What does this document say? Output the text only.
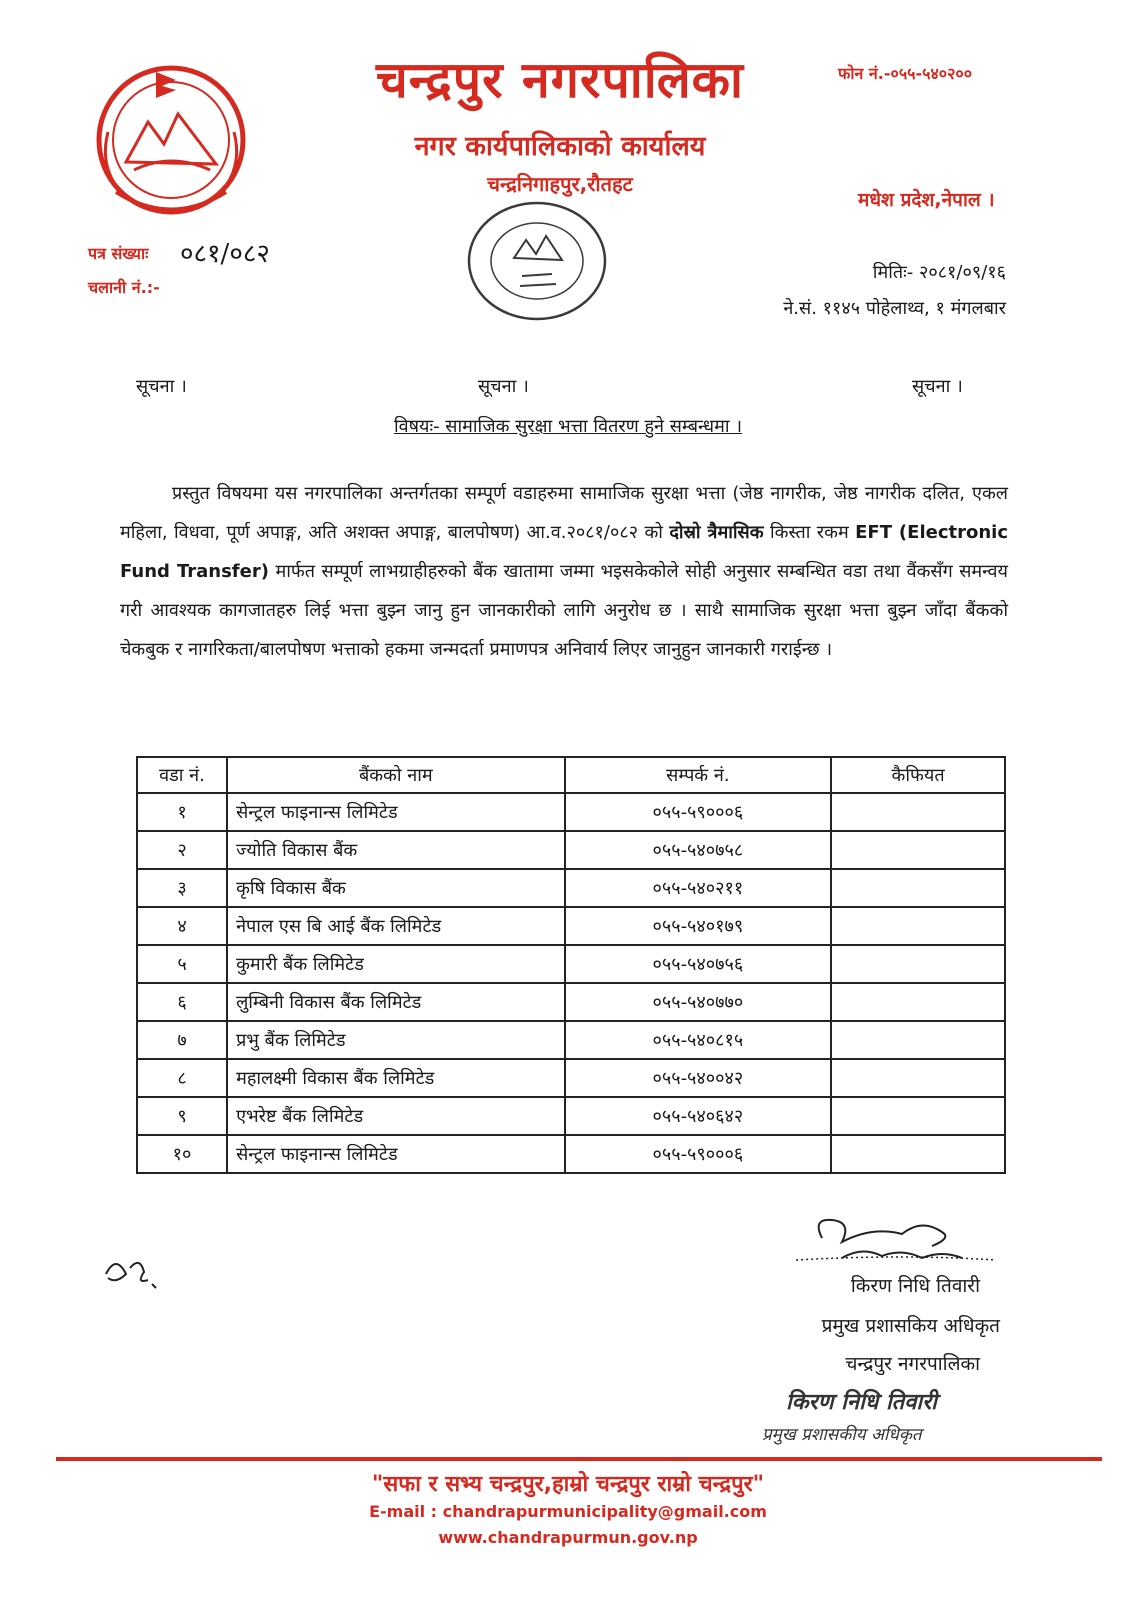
चन्द्रपुर नगरपालिका
नगर कार्यपालिकाको कार्यालय
चन्द्रनिगाहपुर,रौतहट
फोन नं.-०५५-५४०२००
मधेश प्रदेश,नेपाल ।
पत्र संख्याः ०८१/०८२
चलानी नं.:-
मितिः- २०८१/०९/१६
ने.सं. ११४५ पोहेलाथ्व, १ मंगलबार
सूचना ।	सूचना ।	सूचना ।
विषयः- सामाजिक सुरक्षा भत्ता वितरण हुने सम्बन्धमा ।
प्रस्तुत विषयमा यस नगरपालिका अन्तर्गतका सम्पूर्ण वडाहरुमा सामाजिक सुरक्षा भत्ता (जेष्ठ नागरीक, जेष्ठ नागरीक दलित, एकल महिला, विधवा, पूर्ण अपाङ्ग, अति अशक्त अपाङ्ग, बालपोषण) आ.व.२०८१/०८२ को दोस्रो त्रैमासिक किस्ता रकम EFT (Electronic Fund Transfer) मार्फत सम्पूर्ण लाभग्राहीहरुको बैंक खातामा जम्मा भइसकेकोले सोही अनुसार सम्बन्धित वडा तथा वैंकसँग समन्वय गरी आवश्यक कागजातहरु लिई भत्ता बुझ्न जानु हुन जानकारीको लागि अनुरोध छ । साथै सामाजिक सुरक्षा भत्ता बुझ्न जाँदा बैंकको चेकबुक र नागरिकता/बालपोषण भत्ताको हकमा जन्मदर्ता प्रमाणपत्र अनिवार्य लिएर जानुहुन जानकारी गराईन्छ ।
वडा नं.	बैंकको नाम	सम्पर्क नं.	कैफियत
१	सेन्ट्रल फाइनान्स लिमिटेड	०५५-५९०००६	
२	ज्योति विकास बैंक	०५५-५४०७५८	
३	कृषि विकास बैंक	०५५-५४०२११	
४	नेपाल एस बि आई बैंक लिमिटेड	०५५-५४०१७९	
५	कुमारी बैंक लिमिटेड	०५५-५४०७५६	
६	लुम्बिनी विकास बैंक लिमिटेड	०५५-५४०७७०	
७	प्रभु बैंक लिमिटेड	०५५-५४०८१५	
८	महालक्ष्मी विकास बैंक लिमिटेड	०५५-५४००४२	
९	एभरेष्ट बैंक लिमिटेड	०५५-५४०६४२	
१०	सेन्ट्रल फाइनान्स लिमिटेड	०५५-५९०००६	
किरण निधि तिवारी
प्रमुख प्रशासकिय अधिकृत
चन्द्रपुर नगरपालिका
किरण निधि तिवारी
प्रमुख प्रशासकीय अधिकृत
"सफा र सभ्य चन्द्रपुर,हाम्रो चन्द्रपुर राम्रो चन्द्रपुर"
E-mail : chandrapurmunicipality@gmail.com
www.chandrapurmun.gov.np
